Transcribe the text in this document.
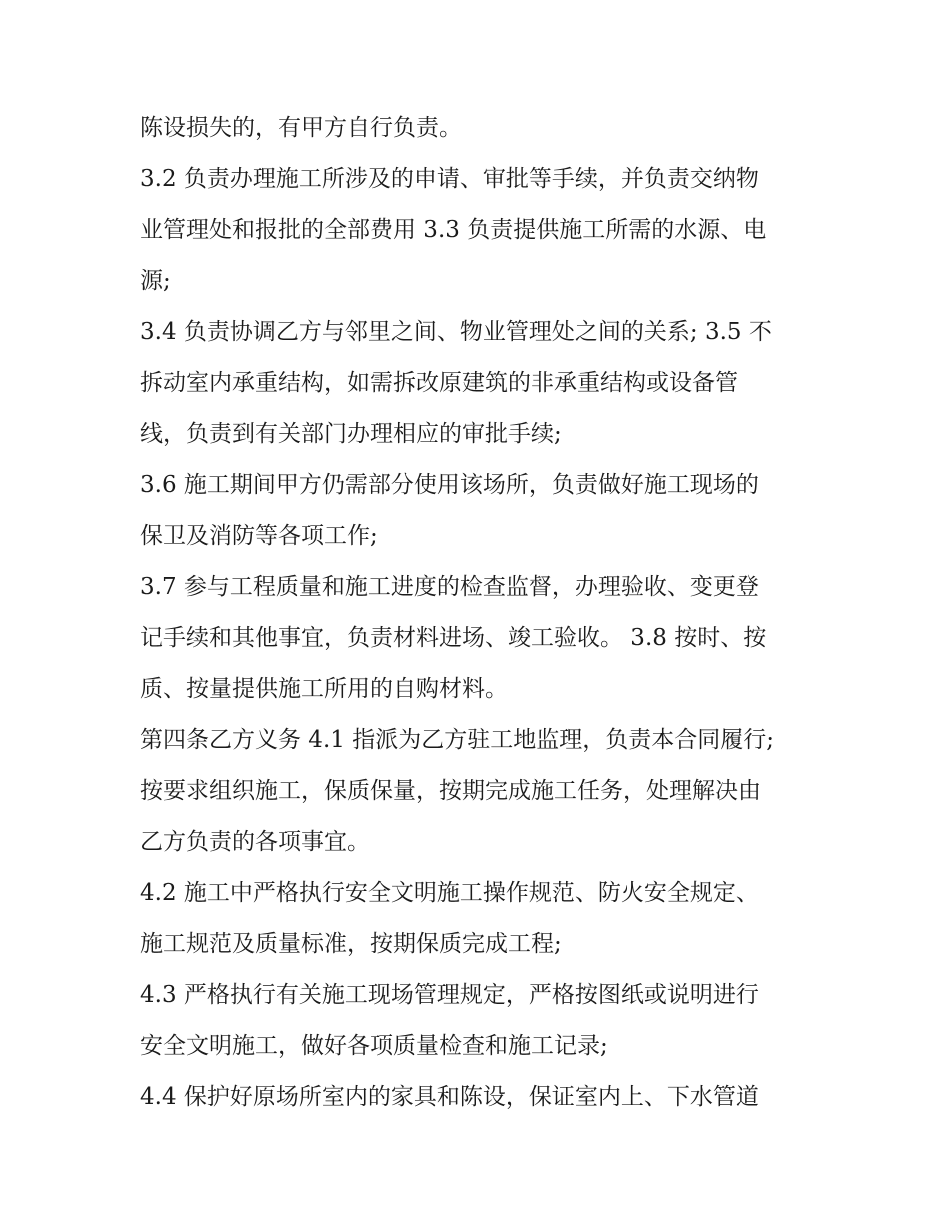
陈设损失的，有甲方自行负责。
3.2 负责办理施工所涉及的申请、审批等手续，并负责交纳物
业管理处和报批的全部费用 3.3 负责提供施工所需的水源、电
源;
3.4 负责协调乙方与邻里之间、物业管理处之间的关系; 3.5 不
拆动室内承重结构，如需拆改原建筑的非承重结构或设备管
线，负责到有关部门办理相应的审批手续;
3.6 施工期间甲方仍需部分使用该场所，负责做好施工现场的
保卫及消防等各项工作;
3.7 参与工程质量和施工进度的检查监督，办理验收、变更登
记手续和其他事宜，负责材料进场、竣工验收。 3.8 按时、按
质、按量提供施工所用的自购材料。
第四条乙方义务 4.1 指派为乙方驻工地监理，负责本合同履行;
按要求组织施工，保质保量，按期完成施工任务，处理解决由
乙方负责的各项事宜。
4.2 施工中严格执行安全文明施工操作规范、防火安全规定、
施工规范及质量标准，按期保质完成工程;
4.3 严格执行有关施工现场管理规定，严格按图纸或说明进行
安全文明施工，做好各项质量检查和施工记录;
4.4 保护好原场所室内的家具和陈设，保证室内上、下水管道
